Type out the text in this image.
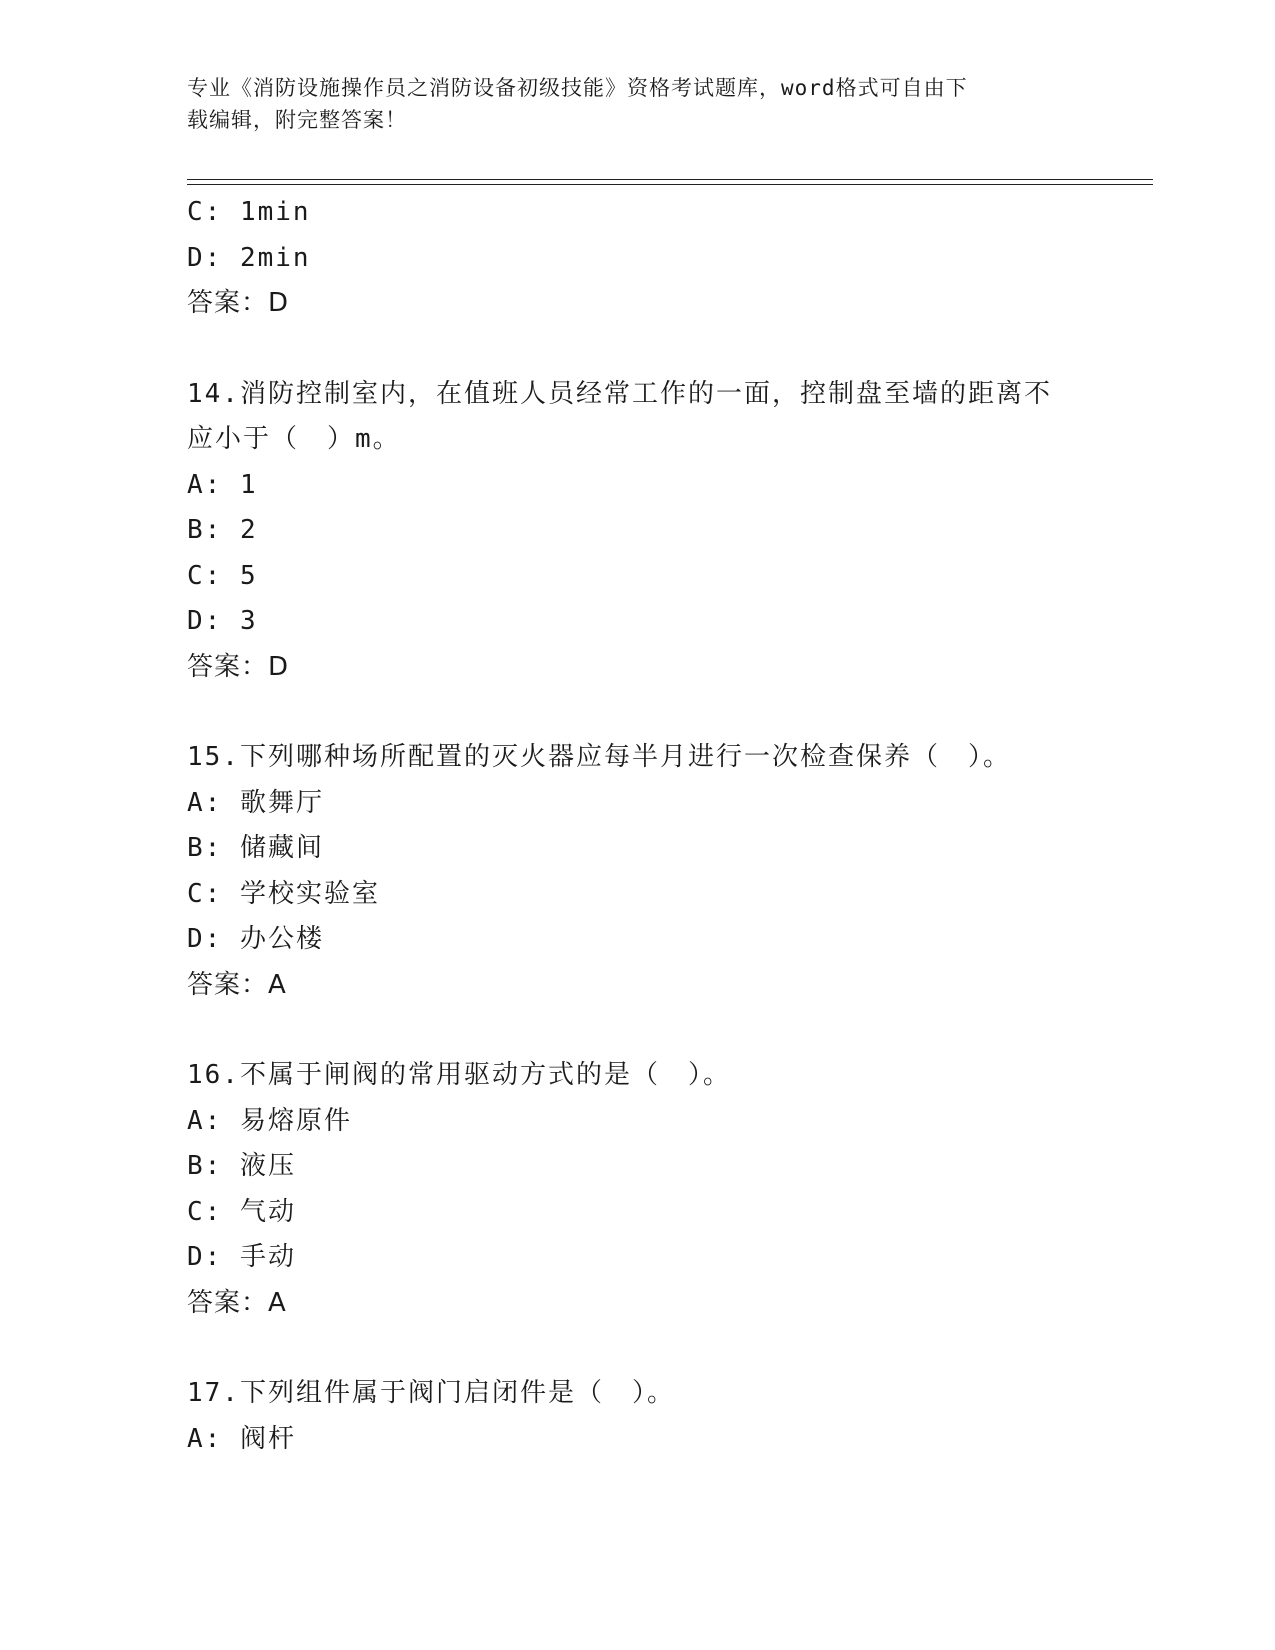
专业《消防设施操作员之消防设备初级技能》资格考试题库，word格式可自由下
载编辑，附完整答案！
C: 1min
D: 2min
答案：D
14.消防控制室内，在值班人员经常工作的一面，控制盘至墙的距离不
应小于（　）m。
A: 1
B: 2
C: 5
D: 3
答案：D
15.下列哪种场所配置的灭火器应每半月进行一次检查保养（　）。
A: 歌舞厅
B: 储藏间
C: 学校实验室
D: 办公楼
答案：A
16.不属于闸阀的常用驱动方式的是（　）。
A: 易熔原件
B: 液压
C: 气动
D: 手动
答案：A
17.下列组件属于阀门启闭件是（　）。
A: 阀杆
